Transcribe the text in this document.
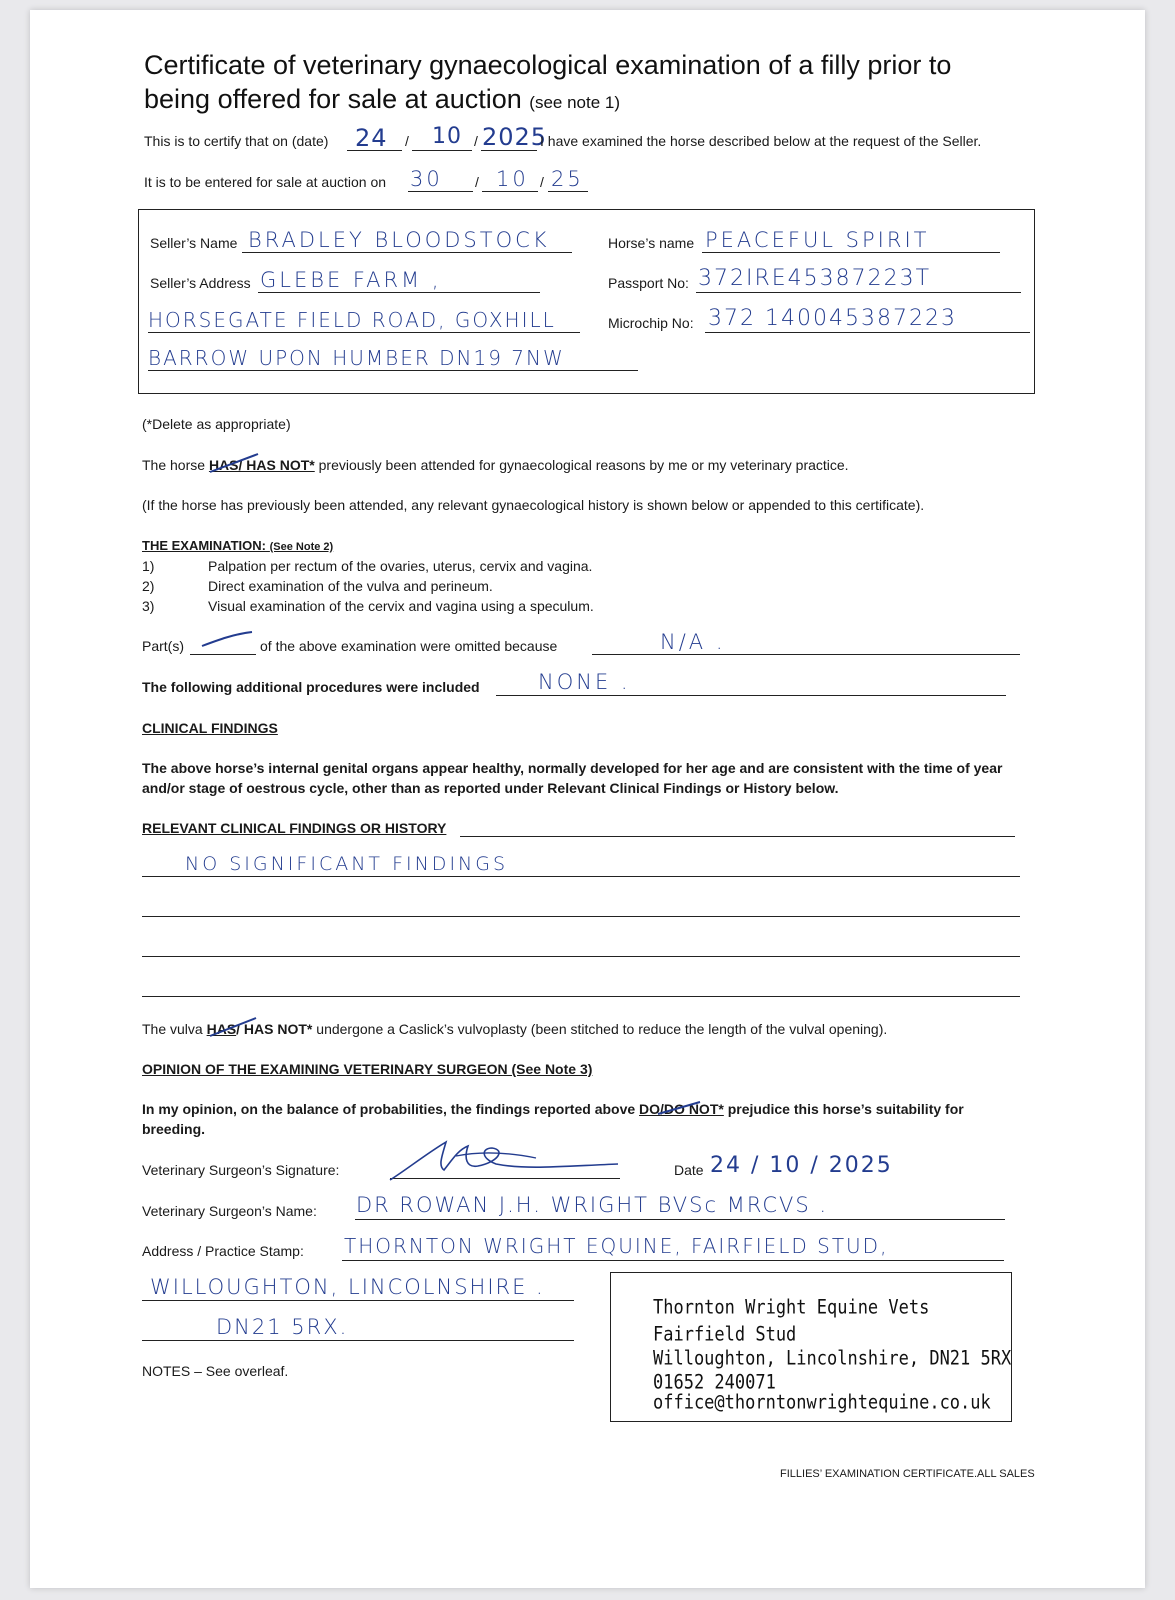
Certificate of veterinary gynaecological examination of a filly prior to
being offered for sale at auction (see note 1)
This is to certify that on (date) 24 / 10 / 2025
I have examined the horse described below at the request of the Seller.
It is to be entered for sale at auction on 30 / 10 / 25
Seller’s Name BRADLEY BLOODSTOCK	Horse’s name PEACEFUL SPIRIT
Seller’s Address GLEBE FARM ,	Passport No: 372IRE45387223T
HORSEGATE FIELD ROAD, GOXHILL	Microchip No: 372 140045387223
BARROW UPON HUMBER DN19 7NW
(*Delete as appropriate)
The horse HAS/ HAS NOT* previously been attended for gynaecological reasons by me or my veterinary practice.
(If the horse has previously been attended, any relevant gynaecological history is shown below or appended to this certificate).
THE EXAMINATION: (See Note 2)
1)	Palpation per rectum of the ovaries, uterus, cervix and vagina.
2)	Direct examination of the vulva and perineum.
3)	Visual examination of the cervix and vagina using a speculum.
Part(s)	of the above examination were omitted because	N/A .
The following additional procedures were included	NONE .
CLINICAL FINDINGS
The above horse’s internal genital organs appear healthy, normally developed for her age and are consistent with the time of year
and/or stage of oestrous cycle, other than as reported under Relevant Clinical Findings or History below.
RELEVANT CLINICAL FINDINGS OR HISTORY
NO SIGNIFICANT FINDINGS
The vulva HAS/ HAS NOT* undergone a Caslick’s vulvoplasty (been stitched to reduce the length of the vulval opening).
OPINION OF THE EXAMINING VETERINARY SURGEON (See Note 3)
In my opinion, on the balance of probabilities, the findings reported above DO/DO NOT* prejudice this horse’s suitability for
breeding.
Veterinary Surgeon’s Signature:	Date 24 / 10 / 2025
Veterinary Surgeon’s Name: DR ROWAN J.H. WRIGHT BVSc MRCVS .
Address / Practice Stamp: THORNTON WRIGHT EQUINE, FAIRFIELD STUD,
WILLOUGHTON, LINCOLNSHIRE .
DN21 5RX.
NOTES – See overleaf.
Thornton Wright Equine Vets
Fairfield Stud
Willoughton, Lincolnshire, DN21 5RX
01652 240071
office@thorntonwrightequine.co.uk
FILLIES’ EXAMINATION CERTIFICATE.ALL SALES
